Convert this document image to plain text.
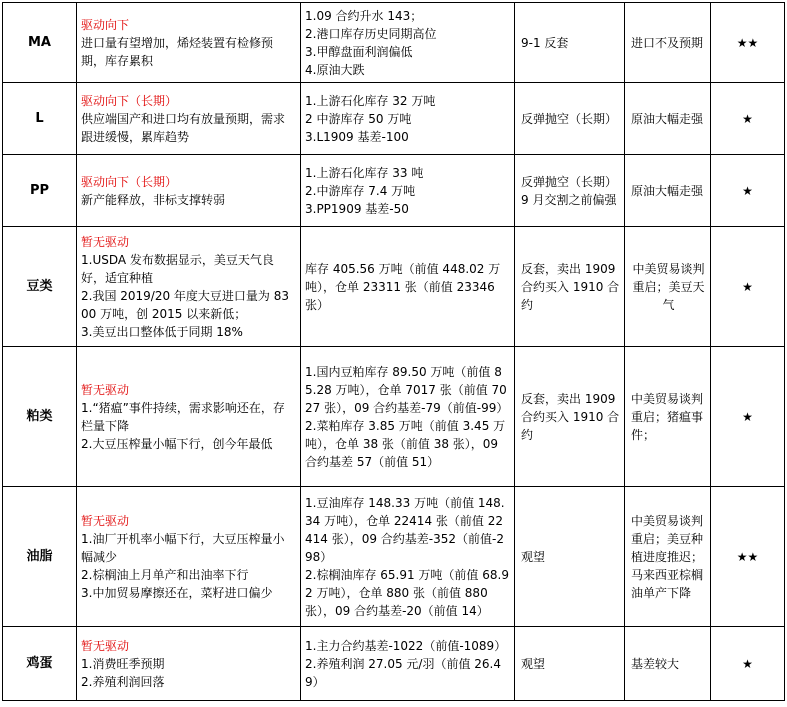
MA	驱动向下
进口量有望增加，烯烃装置有检修预期，库存累积	1.09 合约升水 143；
2.港口库存历史同期高位
3.甲醇盘面利润偏低
4.原油大跌	9-1 反套	进口不及预期	★★
L	驱动向下（长期）
供应端国产和进口均有放量预期，需求跟进缓慢，累库趋势	1.上游石化库存 32 万吨
2 中游库存 50 万吨
3.L1909 基差-100	反弹抛空（长期）	原油大幅走强	★
PP	驱动向下（长期）
新产能释放，非标支撑转弱	1.上游石化库存 33 吨
2.中游库存 7.4 万吨
3.PP1909 基差-50	反弹抛空（长期）9 月交割之前偏强	原油大幅走强	★
豆类	暂无驱动
1.USDA 发布数据显示，美豆天气良好，适宜种植
2.我国 2019/20 年度大豆进口量为 8300 万吨，创 2015 以来新低；
3.美豆出口整体低于同期 18%	库存 405.56 万吨（前值 448.02 万吨），仓单 23311 张（前值 23346 张）	反套，卖出 1909 合约买入 1910 合约	中美贸易谈判重启；美豆天气	★
粕类	暂无驱动
1.“猪瘟”事件持续，需求影响还在，存栏量下降
2.大豆压榨量小幅下行，创今年最低	1.国内豆粕库存 89.50 万吨（前值 85.28 万吨），仓单 7017 张（前值 7027 张），09 合约基差-79（前值-99）
2.菜粕库存 3.85 万吨（前值 3.45 万吨），仓单 38 张（前值 38 张），09 合约基差 57（前值 51）	反套，卖出 1909 合约买入 1910 合约	中美贸易谈判重启；猪瘟事件；	★
油脂	暂无驱动
1.油厂开机率小幅下行，大豆压榨量小幅减少
2.棕榈油上月单产和出油率下行
3.中加贸易摩擦还在，菜籽进口偏少	1.豆油库存 148.33 万吨（前值 148.34 万吨），仓单 22414 张（前值 22414 张），09 合约基差-352（前值-298）
2.棕榈油库存 65.91 万吨（前值 68.92 万吨），仓单 880 张（前值 880 张），09 合约基差-20（前值 14）	观望	中美贸易谈判重启；美豆种植进度推迟；马来西亚棕榈油单产下降	★★
鸡蛋	暂无驱动
1.消费旺季预期
2.养殖利润回落	1.主力合约基差-1022（前值-1089）
2.养殖利润 27.05 元/羽（前值 26.49）	观望	基差较大	★
